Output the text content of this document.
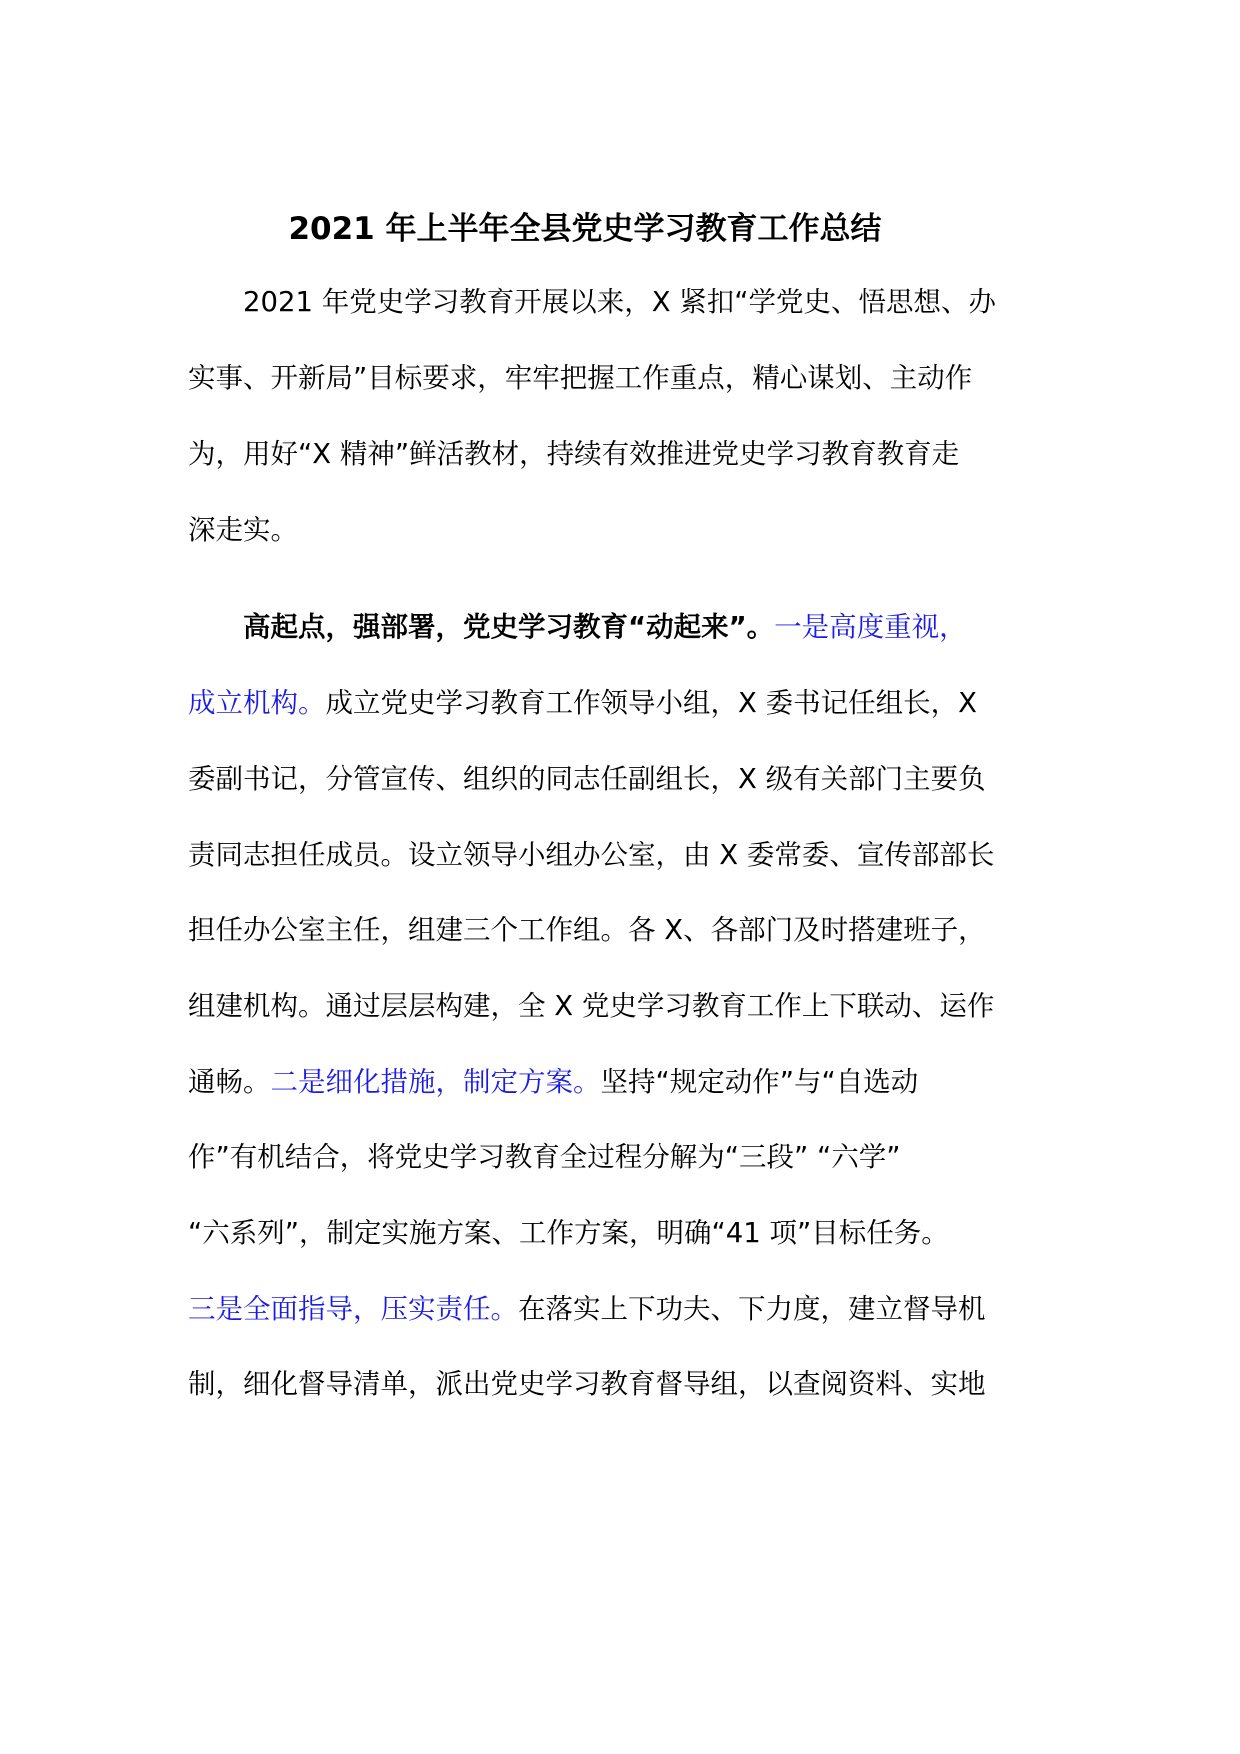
2021 年上半年全县党史学习教育工作总结
2021 年党史学习教育开展以来，X 紧扣“学党史、悟思想、办
实事、开新局”目标要求，牢牢把握工作重点，精心谋划、主动作
为，用好“X 精神”鲜活教材，持续有效推进党史学习教育教育走
深走实。
高起点，强部署，党史学习教育“动起来”。一是高度重视，
成立机构。成立党史学习教育工作领导小组，X 委书记任组长，X
委副书记，分管宣传、组织的同志任副组长，X 级有关部门主要负
责同志担任成员。设立领导小组办公室，由 X 委常委、宣传部部长
担任办公室主任，组建三个工作组。各 X、各部门及时搭建班子，
组建机构。通过层层构建，全 X 党史学习教育工作上下联动、运作
通畅。二是细化措施，制定方案。坚持“规定动作”与“自选动
作”有机结合，将党史学习教育全过程分解为“三段” “六学”
“六系列”，制定实施方案、工作方案，明确“41 项”目标任务。
三是全面指导，压实责任。在落实上下功夫、下力度，建立督导机
制，细化督导清单，派出党史学习教育督导组，以查阅资料、实地
